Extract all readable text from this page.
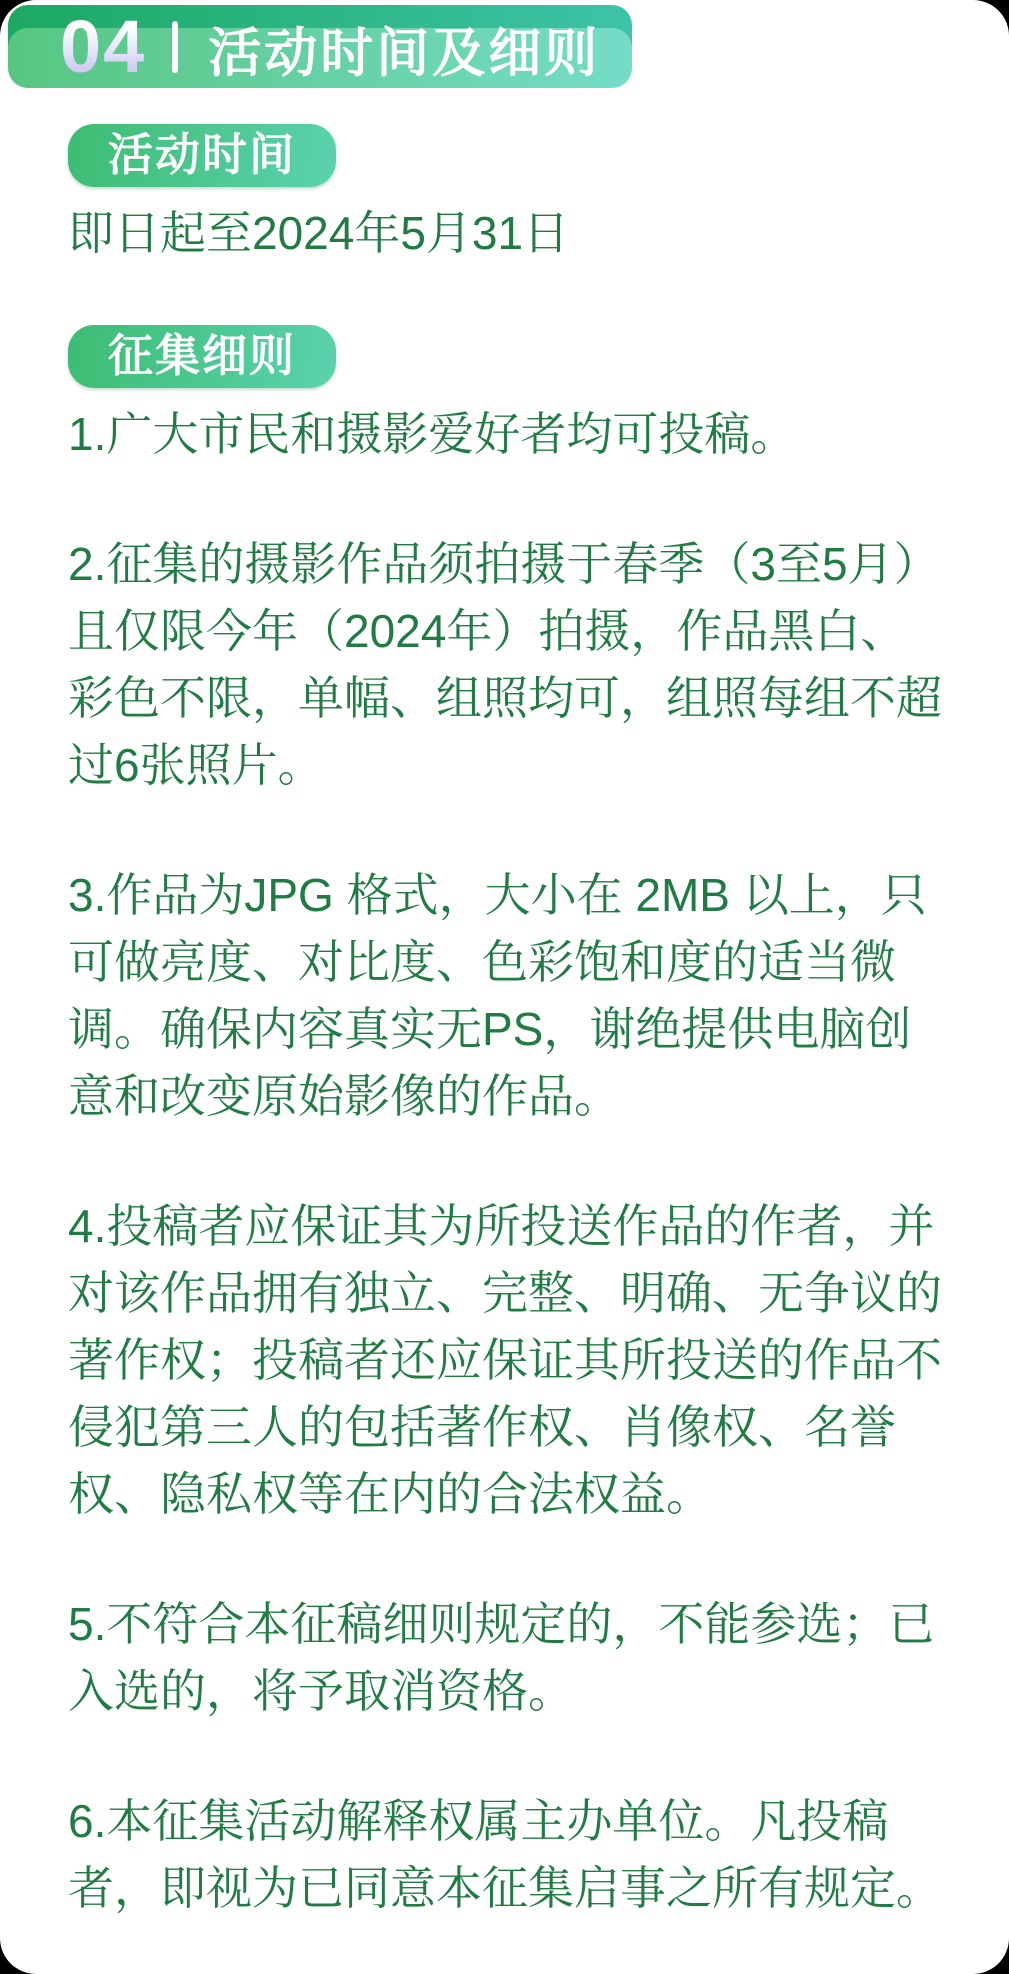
活动时间

即日起至2024年5月31日

征集细则

1.广大市民和摄影爱好者均可投稿。

2.征集的摄影作品须拍摄于春季（3至5月）且仅限今年（2024年）拍摄，作品黑白、彩色不限，单幅、组照均可，组照每组不超过6张照片。

3.作品为JPG 格式，大小在 2MB 以上，只可做亮度、对比度、色彩饱和度的适当微调。确保内容真实无PS，谢绝提供电脑创意和改变原始影像的作品。

4.投稿者应保证其为所投送作品的作者，并对该作品拥有独立、完整、明确、无争议的著作权；投稿者还应保证其所投送的作品不侵犯第三人的包括著作权、肖像权、名誉权、隐私权等在内的合法权益。

5.不符合本征稿细则规定的，不能参选；已入选的，将予取消资格。

6.本征集活动解释权属主办单位。凡投稿者，即视为已同意本征集启事之所有规定。

04 活动时间及细则
